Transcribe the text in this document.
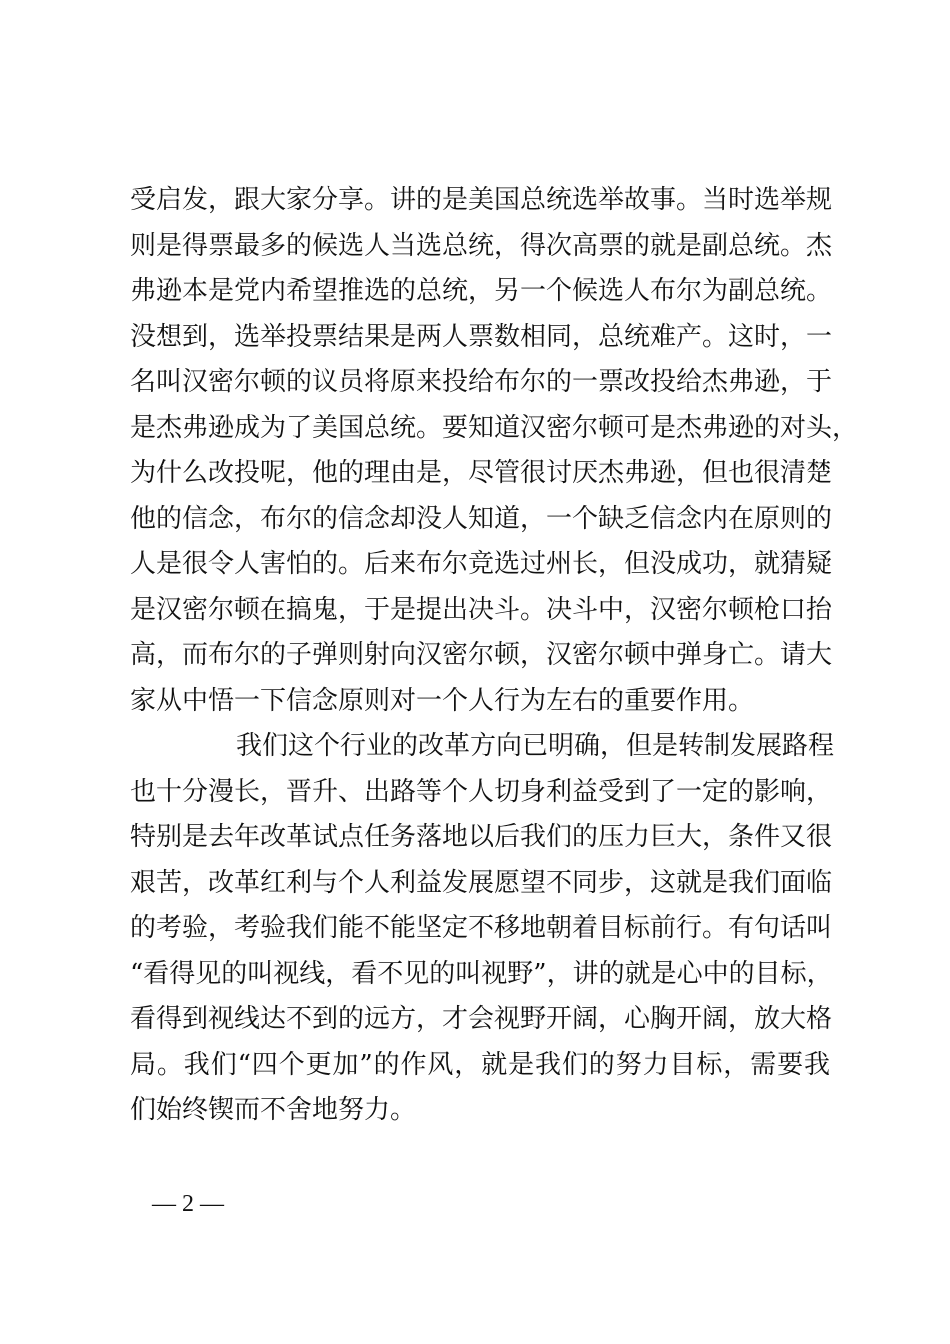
受启发，跟大家分享。讲的是美国总统选举故事。当时选举规
则是得票最多的候选人当选总统，得次高票的就是副总统。杰
弗逊本是党内希望推选的总统，另一个候选人布尔为副总统。
没想到，选举投票结果是两人票数相同，总统难产。这时，一
名叫汉密尔顿的议员将原来投给布尔的一票改投给杰弗逊，于
是杰弗逊成为了美国总统。要知道汉密尔顿可是杰弗逊的对头，
为什么改投呢，他的理由是，尽管很讨厌杰弗逊，但也很清楚
他的信念，布尔的信念却没人知道，一个缺乏信念内在原则的
人是很令人害怕的。后来布尔竞选过州长，但没成功，就猜疑
是汉密尔顿在搞鬼，于是提出决斗。决斗中，汉密尔顿枪口抬
高，而布尔的子弹则射向汉密尔顿，汉密尔顿中弹身亡。请大
家从中悟一下信念原则对一个人行为左右的重要作用。
我们这个行业的改革方向已明确，但是转制发展路程
也十分漫长，晋升、出路等个人切身利益受到了一定的影响，
特别是去年改革试点任务落地以后我们的压力巨大，条件又很
艰苦，改革红利与个人利益发展愿望不同步，这就是我们面临
的考验，考验我们能不能坚定不移地朝着目标前行。有句话叫
“看得见的叫视线，看不见的叫视野”，讲的就是心中的目标，
看得到视线达不到的远方，才会视野开阔，心胸开阔，放大格
局。我们“四个更加”的作风，就是我们的努力目标，需要我
们始终锲而不舍地努力。
— 2 —
